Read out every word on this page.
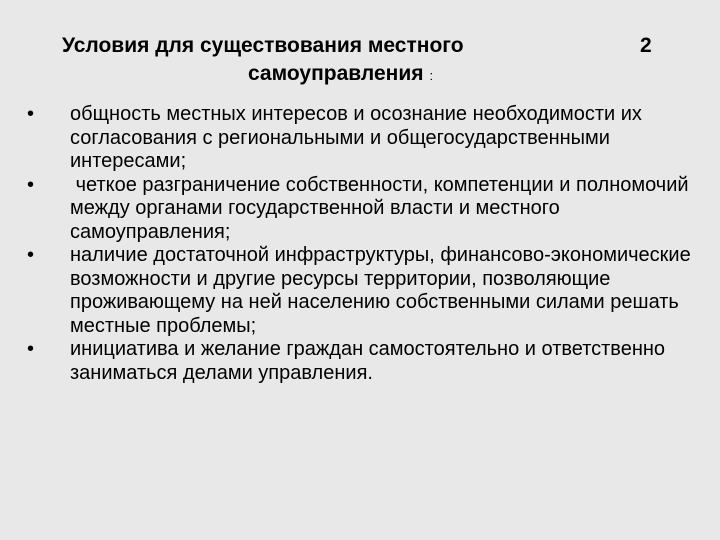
Условия для существования местного	2
самоуправления :
• общность местных интересов и осознание необходимости их согласования с региональными и общегосударственными интересами;
• четкое разграничение собственности, компетенции и полномочий между органами государственной власти и местного самоуправления;
• наличие достаточной инфраструктуры, финансово-экономические возможности и другие ресурсы территории, позволяющие проживающему на ней населению собственными силами решать местные проблемы;
• инициатива и желание граждан самостоятельно и ответственно заниматься делами управления.
